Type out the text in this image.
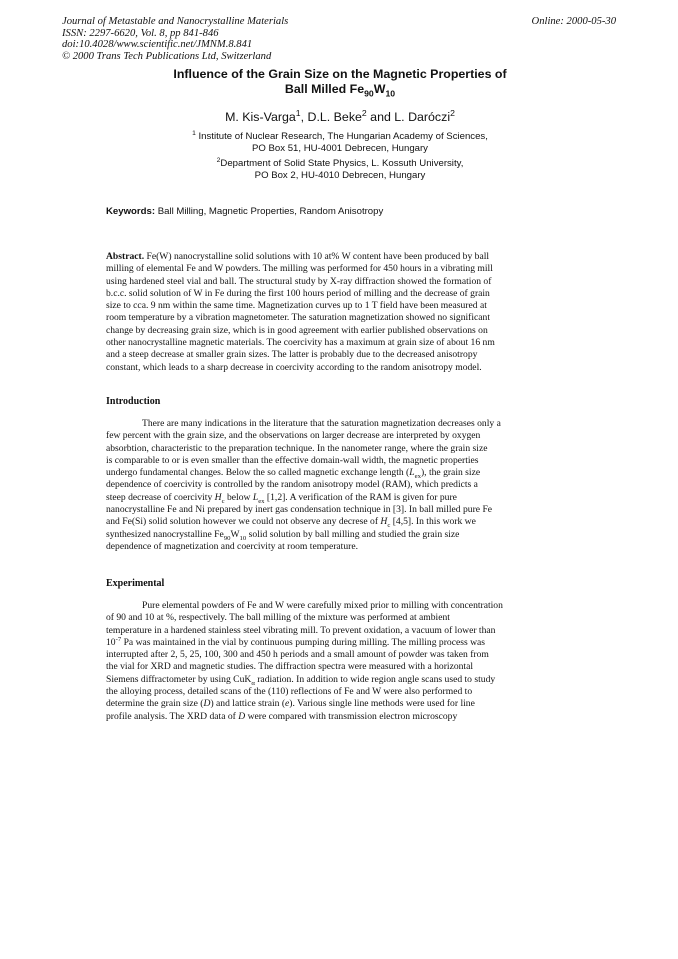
Journal of Metastable and Nanocrystalline Materials
ISSN: 2297-6620, Vol. 8, pp 841-846
doi:10.4028/www.scientific.net/JMNM.8.841
© 2000 Trans Tech Publications Ltd, Switzerland
Online: 2000-05-30
Influence of the Grain Size on the Magnetic Properties of
Ball Milled $Fe_{90}W_{10}$
M. Kis-Varga$^1$, D.L. Beke$^2$ and L. Daróczi$^2$
$^1$ Institute of Nuclear Research, The Hungarian Academy of Sciences,
PO Box 51, HU-4001 Debrecen, Hungary
$^2$Department of Solid State Physics, L. Kossuth University,
PO Box 2, HU-4010 Debrecen, Hungary
Keywords: Ball Milling, Magnetic Properties, Random Anisotropy
Abstract. Fe(W) nanocrystalline solid solutions with 10 at% W content have been produced by ball
milling of elemental Fe and W powders. The milling was performed for 450 hours in a vibrating mill
using hardened steel vial and ball. The structural study by X-ray diffraction showed the formation of
b.c.c. solid solution of W in Fe during the first 100 hours period of milling and the decrease of grain
size to cca. 9 nm within the same time. Magnetization curves up to 1 T field have been measured at
room temperature by a vibration magnetometer. The saturation magnetization showed no significant
change by decreasing grain size, which is in good agreement with earlier published observations on
other nanocrystalline magnetic materials. The coercivity has a maximum at grain size of about 16 nm
and a steep decrease at smaller grain sizes. The latter is probably due to the decreased anisotropy
constant, which leads to a sharp decrease in coercivity according to the random anisotropy model.
Introduction
There are many indications in the literature that the saturation magnetization decreases only a
few percent with the grain size, and the observations on larger decrease are interpreted by oxygen
absorbtion, characteristic to the preparation technique. In the nanometer range, where the grain size
is comparable to or is even smaller than the effective domain-wall width, the magnetic properties
undergo fundamental changes. Below the so called magnetic exchange length $(L_{ex})$, the grain size
dependence of coercivity is controlled by the random anisotropy model (RAM), which predicts a
steep decrease of coercivity $H_c$ below $L_{ex}$ [1,2]. A verification of the RAM is given for pure
nanocrystalline Fe and Ni prepared by inert gas condensation technique in [3]. In ball milled pure Fe
and Fe(Si) solid solution however we could not observe any decrese of $H_c$ [4,5]. In this work we
synthesized nanocrystalline $Fe_{90}W_{10}$ solid solution by ball milling and studied the grain size
dependence of magnetization and coercivity at room temperature.
Experimental
Pure elemental powders of Fe and W were carefully mixed prior to milling with concentration
of 90 and 10 at %, respectively. The ball milling of the mixture was performed at ambient
temperature in a hardened stainless steel vibrating mill. To prevent oxidation, a vacuum of lower than
$10^{-7}$ Pa was maintained in the vial by continuous pumping during milling. The milling process was
interrupted after 2, 5, 25, 100, 300 and 450 h periods and a small amount of powder was taken from
the vial for XRD and magnetic studies. The diffraction spectra were measured with a horizontal
Siemens diffractometer by using CuK$_\alpha$ radiation. In addition to wide region angle scans used to study
the alloying process, detailed scans of the (110) reflections of Fe and W were also performed to
determine the grain size (D) and lattice strain (e). Various single line methods were used for line
profile analysis. The XRD data of D were compared with transmission electron microscopy
